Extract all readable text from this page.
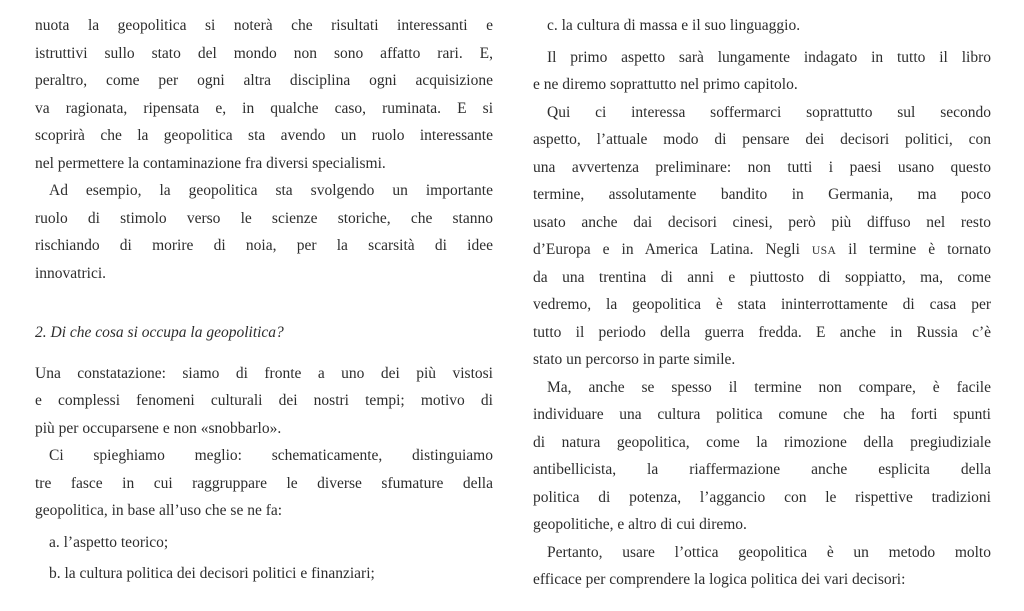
nuota la geopolitica si noterà che risultati interessanti e
istruttivi sullo stato del mondo non sono affatto rari. E,
peraltro, come per ogni altra disciplina ogni acquisizione
va ragionata, ripensata e, in qualche caso, ruminata. E si
scoprirà che la geopolitica sta avendo un ruolo interessante
nel permettere la contaminazione fra diversi specialismi.
Ad esempio, la geopolitica sta svolgendo un importante
ruolo di stimolo verso le scienze storiche, che stanno
rischiando di morire di noia, per la scarsità di idee
innovatrici.
2. Di che cosa si occupa la geopolitica?
Una constatazione: siamo di fronte a uno dei più vistosi
e complessi fenomeni culturali dei nostri tempi; motivo di
più per occuparsene e non «snobbarlo».
Ci spieghiamo meglio: schematicamente, distinguiamo
tre fasce in cui raggruppare le diverse sfumature della
geopolitica, in base all’uso che se ne fa:
a. l’aspetto teorico;
b. la cultura politica dei decisori politici e finanziari;
c. la cultura di massa e il suo linguaggio.
Il primo aspetto sarà lungamente indagato in tutto il libro
e ne diremo soprattutto nel primo capitolo.
Qui ci interessa soffermarci soprattutto sul secondo
aspetto, l’attuale modo di pensare dei decisori politici, con
una avvertenza preliminare: non tutti i paesi usano questo
termine, assolutamente bandito in Germania, ma poco
usato anche dai decisori cinesi, però più diffuso nel resto
d’Europa e in America Latina. Negli USA il termine è tornato
da una trentina di anni e piuttosto di soppiatto, ma, come
vedremo, la geopolitica è stata ininterrottamente di casa per
tutto il periodo della guerra fredda. E anche in Russia c’è
stato un percorso in parte simile.
Ma, anche se spesso il termine non compare, è facile
individuare una cultura politica comune che ha forti spunti
di natura geopolitica, come la rimozione della pregiudiziale
antibellicista, la riaffermazione anche esplicita della
politica di potenza, l’aggancio con le rispettive tradizioni
geopolitiche, e altro di cui diremo.
Pertanto, usare l’ottica geopolitica è un metodo molto
efficace per comprendere la logica politica dei vari decisori:
